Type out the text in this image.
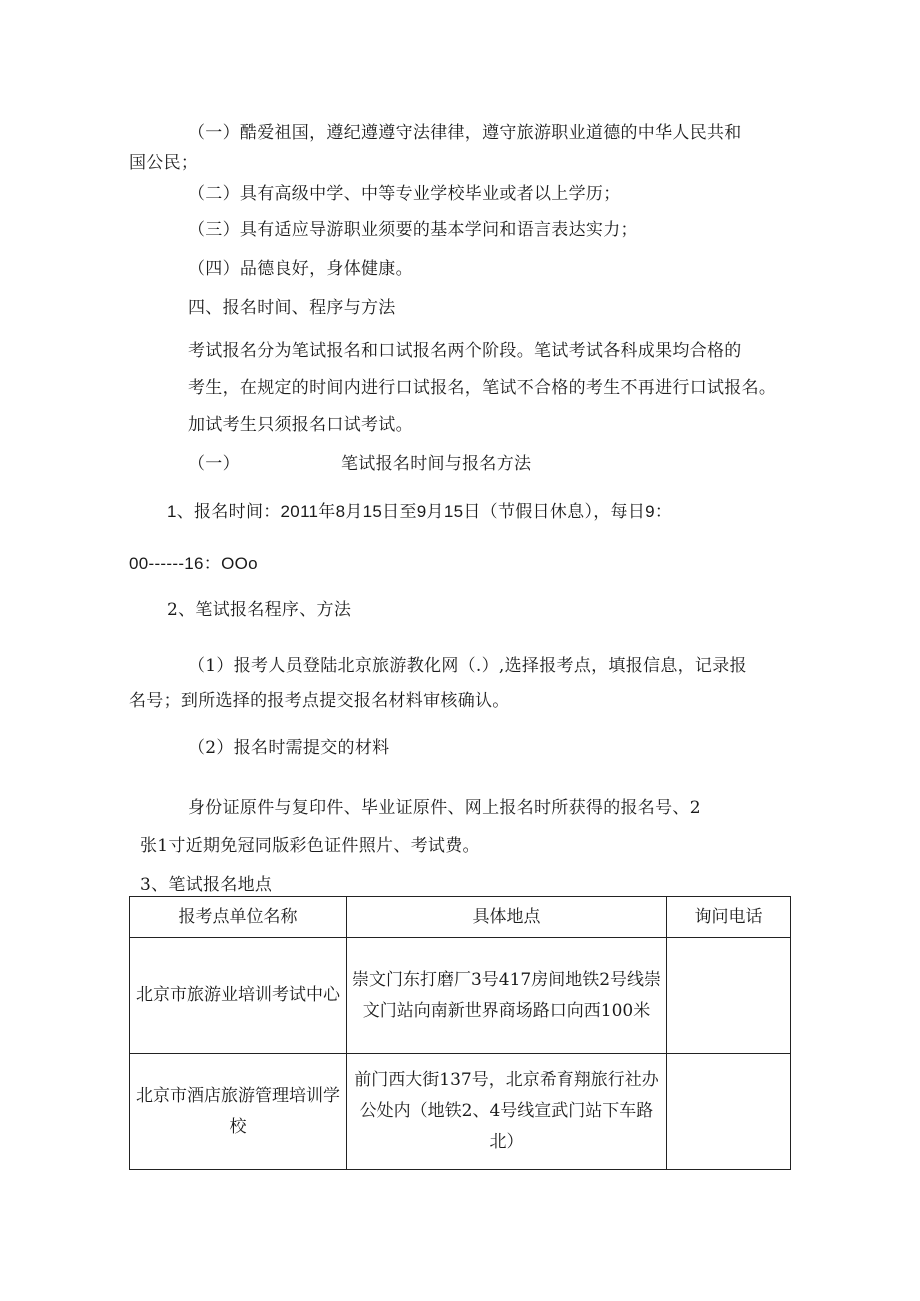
（一）酷爱祖国，遵纪遵遵守法律律，遵守旅游职业道德的中华人民共和
国公民；
（二）具有高级中学、中等专业学校毕业或者以上学历；
（三）具有适应导游职业须要的基本学问和语言表达实力；
（四）品德良好，身体健康。
四、报名时间、程序与方法
考试报名分为笔试报名和口试报名两个阶段。笔试考试各科成果均合格的
考生，在规定的时间内进行口试报名，笔试不合格的考生不再进行口试报名。
加试考生只须报名口试考试。
（一）	笔试报名时间与报名方法
1、报名时间：2011年8月15日至9月15日（节假日休息），每日9：
00------16：OOo
2、笔试报名程序、方法
（1）报考人员登陆北京旅游教化网（.）,选择报考点，填报信息，记录报
名号；到所选择的报考点提交报名材料审核确认。
（2）报名时需提交的材料
身份证原件与复印件、毕业证原件、网上报名时所获得的报名号、2
张1寸近期免冠同版彩色证件照片、考试费。
3、笔试报名地点
报考点单位名称	具体地点	询问电话
北京市旅游业培训考试中心	崇文门东打磨厂3号417房间地铁2号线崇文门站向南新世界商场路口向西100米	
北京市酒店旅游管理培训学校	前门西大街137号，北京希育翔旅行社办公处内（地铁2、4号线宣武门站下车路北）	
